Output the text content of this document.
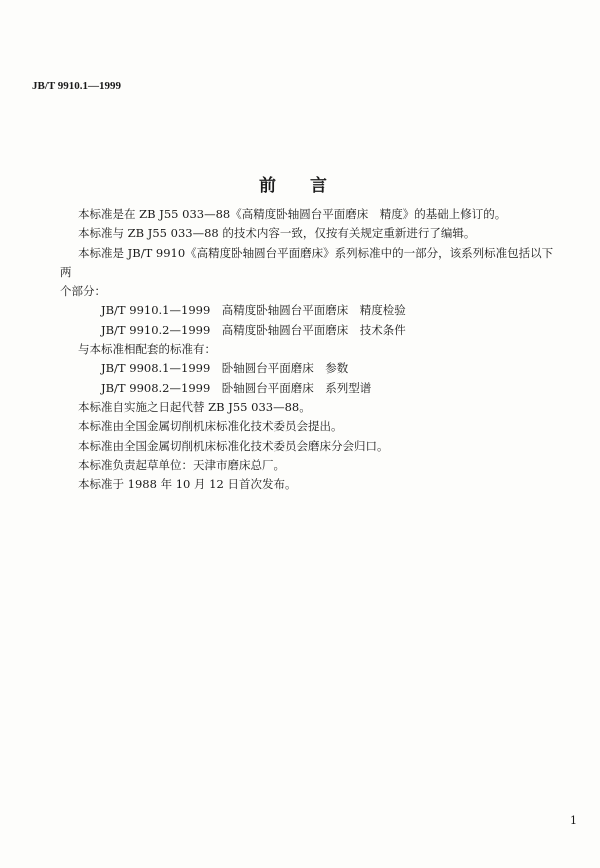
JB/T 9910.1—1999
前 言

本标准是在 ZB J55 033—88《高精度卧轴圆台平面磨床　精度》的基础上修订的。

本标准与 ZB J55 033—88 的技术内容一致，仅按有关规定重新进行了编辑。

本标准是 JB/T 9910《高精度卧轴圆台平面磨床》系列标准中的一部分，该系列标准包括以下两

个部分：

JB/T 9910.1—1999　高精度卧轴圆台平面磨床　精度检验

JB/T 9910.2—1999　高精度卧轴圆台平面磨床　技术条件

与本标准相配套的标准有：

JB/T 9908.1—1999　卧轴圆台平面磨床　参数

JB/T 9908.2—1999　卧轴圆台平面磨床　系列型谱

本标准自实施之日起代替 ZB J55 033—88。

本标准由全国金属切削机床标准化技术委员会提出。

本标准由全国金属切削机床标准化技术委员会磨床分会归口。

本标准负责起草单位：天津市磨床总厂。

本标准于 1988 年 10 月 12 日首次发布。

1
